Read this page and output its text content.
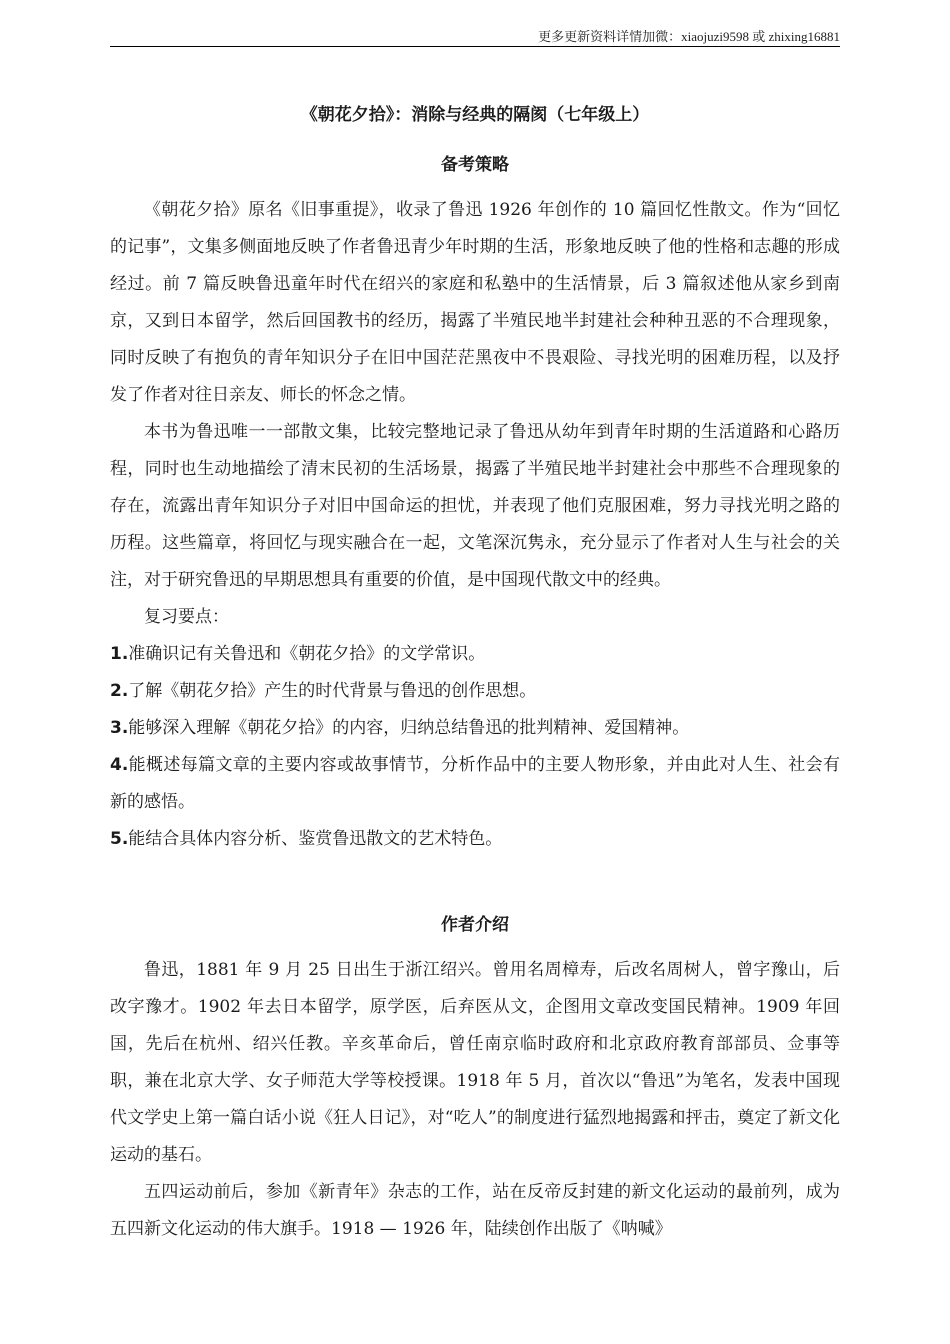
更多更新资料详情加微：xiaojuzi9598 或 zhixing16881
《朝花夕拾》：消除与经典的隔阂（七年级上）
备考策略

《朝花夕拾》原名《旧事重提》，收录了鲁迅 1926 年创作的 10 篇回忆性散文。作为“回忆的记事”，文集多侧面地反映了作者鲁迅青少年时期的生活，形象地反映了他的性格和志趣的形成经过。前 7 篇反映鲁迅童年时代在绍兴的家庭和私塾中的生活情景，后 3 篇叙述他从家乡到南京，又到日本留学，然后回国教书的经历，揭露了半殖民地半封建社会种种丑恶的不合理现象，同时反映了有抱负的青年知识分子在旧中国茫茫黑夜中不畏艰险、寻找光明的困难历程，以及抒发了作者对往日亲友、师长的怀念之情。

本书为鲁迅唯一一部散文集，比较完整地记录了鲁迅从幼年到青年时期的生活道路和心路历程，同时也生动地描绘了清末民初的生活场景，揭露了半殖民地半封建社会中那些不合理现象的存在，流露出青年知识分子对旧中国命运的担忧，并表现了他们克服困难，努力寻找光明之路的历程。这些篇章，将回忆与现实融合在一起，文笔深沉隽永，充分显示了作者对人生与社会的关注，对于研究鲁迅的早期思想具有重要的价值，是中国现代散文中的经典。

复习要点：

1.准确识记有关鲁迅和《朝花夕拾》的文学常识。

2.了解《朝花夕拾》产生的时代背景与鲁迅的创作思想。

3.能够深入理解《朝花夕拾》的内容，归纳总结鲁迅的批判精神、爱国精神。

4.能概述每篇文章的主要内容或故事情节，分析作品中的主要人物形象，并由此对人生、社会有新的感悟。

5.能结合具体内容分析、鉴赏鲁迅散文的艺术特色。

作者介绍

鲁迅，1881 年 9 月 25 日出生于浙江绍兴。曾用名周樟寿，后改名周树人，曾字豫山，后改字豫才。1902 年去日本留学，原学医，后弃医从文，企图用文章改变国民精神。1909 年回国，先后在杭州、绍兴任教。辛亥革命后，曾任南京临时政府和北京政府教育部部员、佥事等职，兼在北京大学、女子师范大学等校授课。1918 年 5 月，首次以“鲁迅”为笔名，发表中国现代文学史上第一篇白话小说《狂人日记》，对“吃人”的制度进行猛烈地揭露和抨击，奠定了新文化运动的基石。

五四运动前后，参加《新青年》杂志的工作，站在反帝反封建的新文化运动的最前列，成为五四新文化运动的伟大旗手。1918 — 1926 年，陆续创作出版了《呐喊》
